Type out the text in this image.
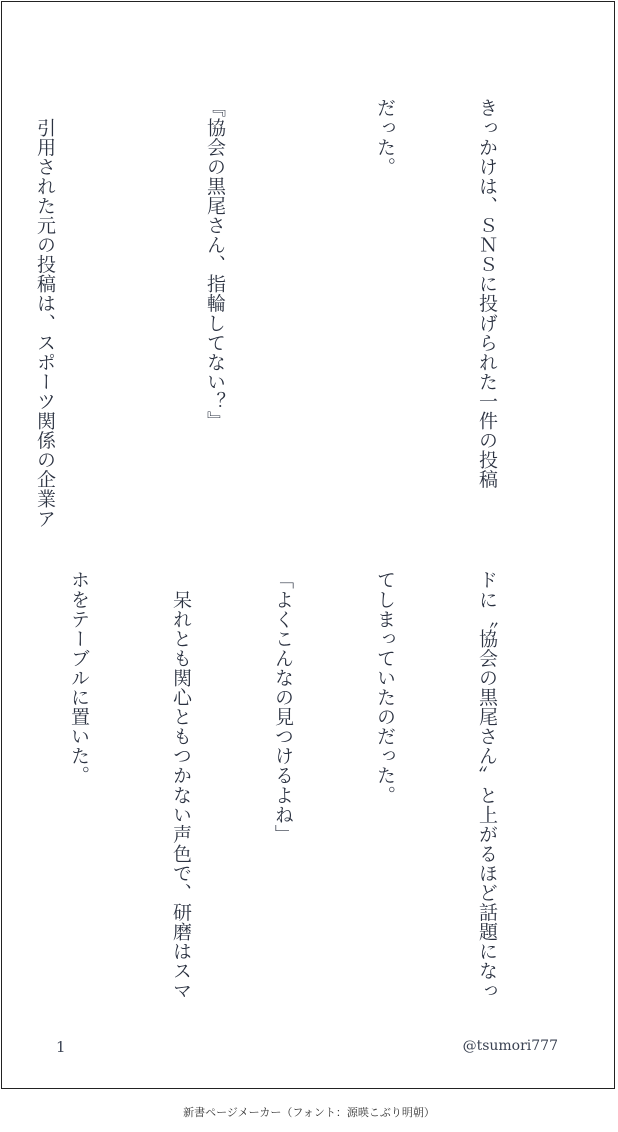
きっかけは、ＳＮＳに投げられた一件の投稿

だった。

『協会の黒尾さん、指輪してない？』

　引用された元の投稿は、スポーツ関係の企業ア

ドに〝協会の黒尾さん〟と上がるほど話題になっ

てしまっていたのだった。

「よくこんなの見つけるよね」

　呆れとも関心ともつかない声色で、研磨はスマ

ホをテーブルに置いた。

1	@tsumori777
新書ページメーカー（フォント：源暎こぶり明朝）
